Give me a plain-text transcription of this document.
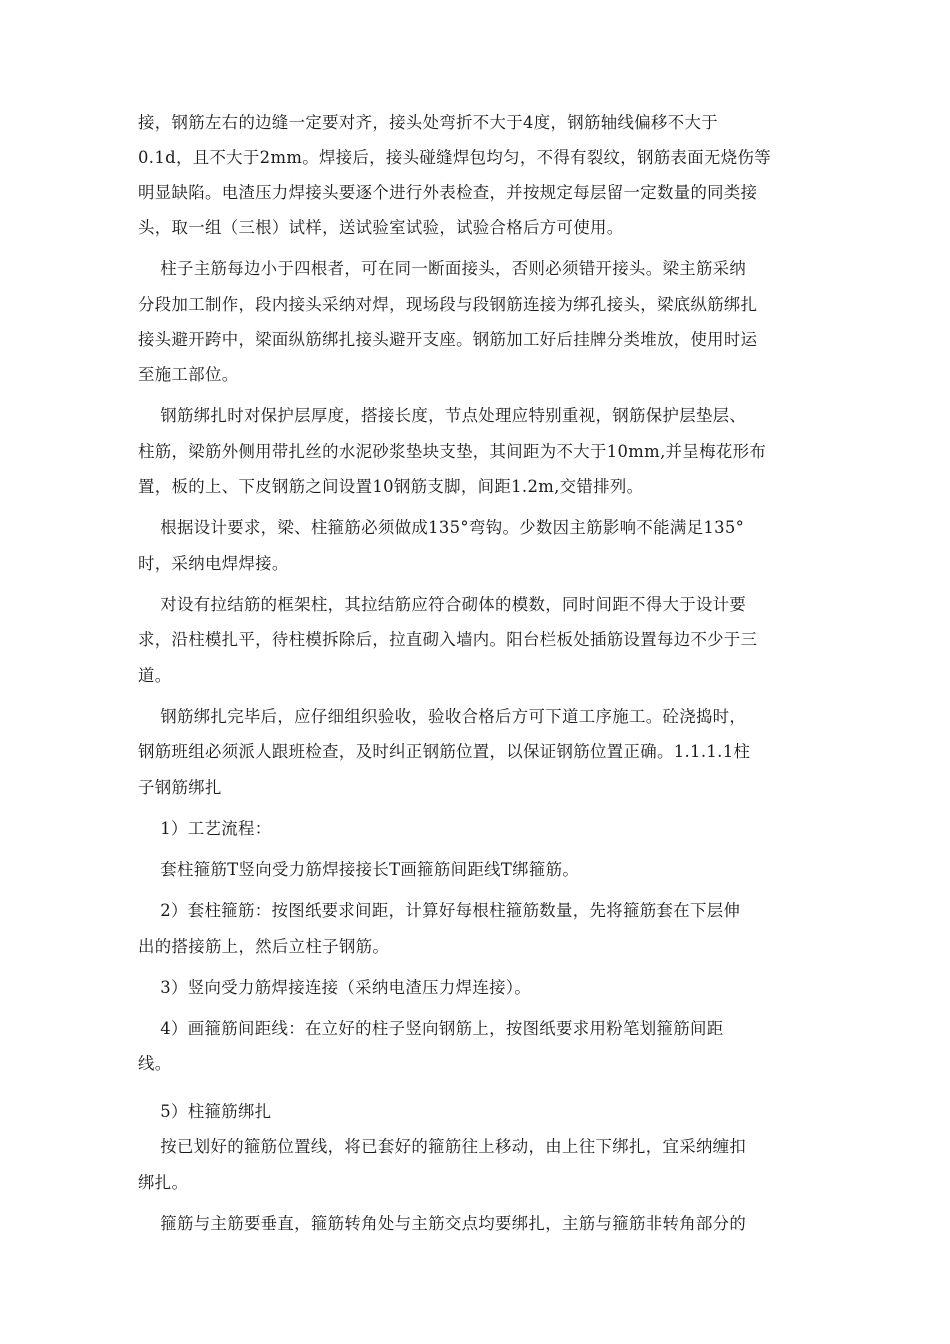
接，钢筋左右的边缝一定要对齐，接头处弯折不大于4度，钢筋轴线偏移不大于
0.1d，且不大于2mm。焊接后，接头碰缝焊包均匀，不得有裂纹，钢筋表面无烧伤等
明显缺陷。电渣压力焊接头要逐个进行外表检查，并按规定每层留一定数量的同类接
头，取一组（三根）试样，送试验室试验，试验合格后方可使用。
柱子主筋每边小于四根者，可在同一断面接头，否则必须错开接头。梁主筋采纳
分段加工制作，段内接头采纳对焊，现场段与段钢筋连接为绑孔接头，梁底纵筋绑扎
接头避开跨中，梁面纵筋绑扎接头避开支座。钢筋加工好后挂牌分类堆放，使用时运
至施工部位。
钢筋绑扎时对保护层厚度，搭接长度，节点处理应特别重视，钢筋保护层垫层、
柱筋，梁筋外侧用带扎丝的水泥砂浆垫块支垫，其间距为不大于10mm,并呈梅花形布
置，板的上、下皮钢筋之间设置10钢筋支脚，间距1.2m,交错排列。
根据设计要求，梁、柱箍筋必须做成135°弯钩。少数因主筋影响不能满足135°
时，采纳电焊焊接。
对设有拉结筋的框架柱，其拉结筋应符合砌体的模数，同时间距不得大于设计要
求，沿柱模扎平，待柱模拆除后，拉直砌入墙内。阳台栏板处插筋设置每边不少于三
道。
钢筋绑扎完毕后，应仔细组织验收，验收合格后方可下道工序施工。砼浇捣时，
钢筋班组必须派人跟班检查，及时纠正钢筋位置，以保证钢筋位置正确。1.1.1.1柱
子钢筋绑扎
1）工艺流程：
套柱箍筋T竖向受力筋焊接接长T画箍筋间距线T绑箍筋。
2）套柱箍筋：按图纸要求间距，计算好每根柱箍筋数量，先将箍筋套在下层伸
出的搭接筋上，然后立柱子钢筋。
3）竖向受力筋焊接连接（采纳电渣压力焊连接）。
4）画箍筋间距线：在立好的柱子竖向钢筋上，按图纸要求用粉笔划箍筋间距
线。
5）柱箍筋绑扎
按已划好的箍筋位置线，将已套好的箍筋往上移动，由上往下绑扎，宜采纳缠扣
绑扎。
箍筋与主筋要垂直，箍筋转角处与主筋交点均要绑扎，主筋与箍筋非转角部分的
